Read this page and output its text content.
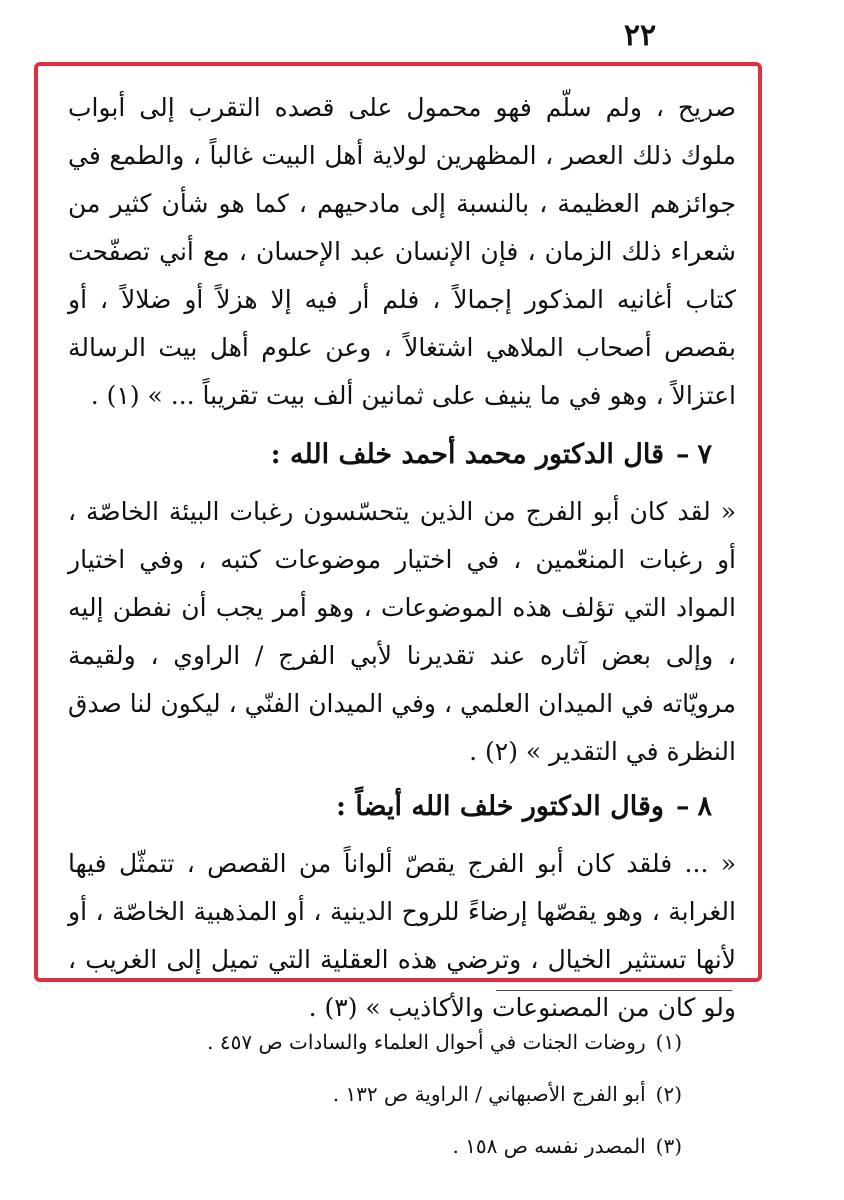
٢٢

صريح ، ولم سلّم فهو محمول على قصده التقرب إلى أبواب ملوك ذلك العصر ، المظهرين لولاية أهل البيت غالباً ، والطمع في جوائزهم العظيمة ، بالنسبة إلى مادحيهم ، كما هو شأن كثير من شعراء ذلك الزمان ، فإن الإنسان عبد الإحسان ، مع أني تصفّحت كتاب أغانيه المذكور إجمالاً ، فلم أر فيه إلا هزلاً أو ضلالاً ، أو بقصص أصحاب الملاهي اشتغالاً ، وعن علوم أهل بيت الرسالة اعتزالاً ، وهو في ما ينيف على ثمانين ألف بيت تقريباً ... » (١) .

٧–قال الدكتور محمد أحمد خلف الله :

« لقد كان أبو الفرج من الذين يتحسّسون رغبات البيئة الخاصّة ، أو رغبات المنعّمين ، في اختيار موضوعات كتبه ، وفي اختيار المواد التي تؤلف هذه الموضوعات ، وهو أمر يجب أن نفطن إليه ، وإلى بعض آثاره عند تقديرنا لأبي الفرج / الراوي ، ولقيمة مرويّاته في الميدان العلمي ، وفي الميدان الفنّي ، ليكون لنا صدق النظرة في التقدير » (٢) .

٨–وقال الدكتور خلف الله أيضاً :

« ... فلقد كان أبو الفرج يقصّ ألواناً من القصص ، تتمثّل فيها الغرابة ، وهو يقصّها إرضاءً للروح الدينية ، أو المذهبية الخاصّة ، أو لأنها تستثير الخيال ، وترضي هذه العقلية التي تميل إلى الغريب ، ولو كان من المصنوعات والأكاذيب » (٣) .

(١)روضات الجنات في أحوال العلماء والسادات ص ٤٥٧ .
(٢)أبو الفرج الأصبهاني / الراوية ص ١٣٢ .
(٣)المصدر نفسه ص ١٥٨ .
